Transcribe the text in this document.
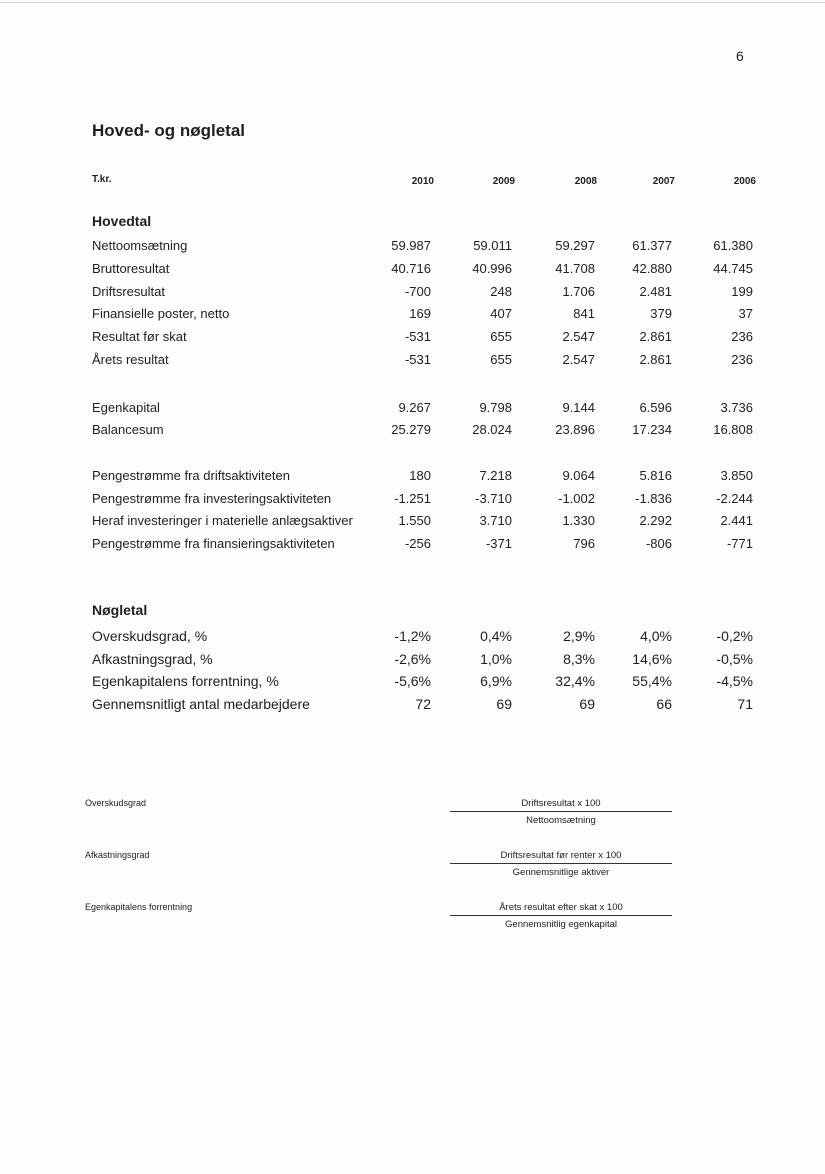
6
Hoved- og nøgletal
T.kr.	2010	2009	2008	2007	2006
Hovedtal
Nøgletal
Nettoomsætning	59.987	59.011	59.297	61.377	61.380
Bruttoresultat	40.716	40.996	41.708	42.880	44.745
Driftsresultat	-700	248	1.706	2.481	199
Finansielle poster, netto	169	407	841	379	37
Resultat før skat	-531	655	2.547	2.861	236
Årets resultat	-531	655	2.547	2.861	236
Egenkapital	9.267	9.798	9.144	6.596	3.736
Balancesum	25.279	28.024	23.896	17.234	16.808
Pengestrømme fra driftsaktiviteten	180	7.218	9.064	5.816	3.850
Pengestrømme fra investeringsaktiviteten	-1.251	-3.710	-1.002	-1.836	-2.244
Heraf investeringer i materielle anlægsaktiver	1.550	3.710	1.330	2.292	2.441
Pengestrømme fra finansieringsaktiviteten	-256	-371	796	-806	-771
Overskudsgrad, %	-1,2%	0,4%	2,9%	4,0%	-0,2%
Afkastningsgrad, %	-2,6%	1,0%	8,3%	14,6%	-0,5%
Egenkapitalens forrentning, %	-5,6%	6,9%	32,4%	55,4%	-4,5%
Gennemsnitligt antal medarbejdere	72	69	69	66	71
Overskudsgrad	Driftsresultat x 100
Nettoomsætning
Afkastningsgrad	Driftsresultat før renter x 100
Gennemsnitlige aktiver
Egenkapitalens forrentning	Årets resultat efter skat x 100
Gennemsnitlig egenkapital
